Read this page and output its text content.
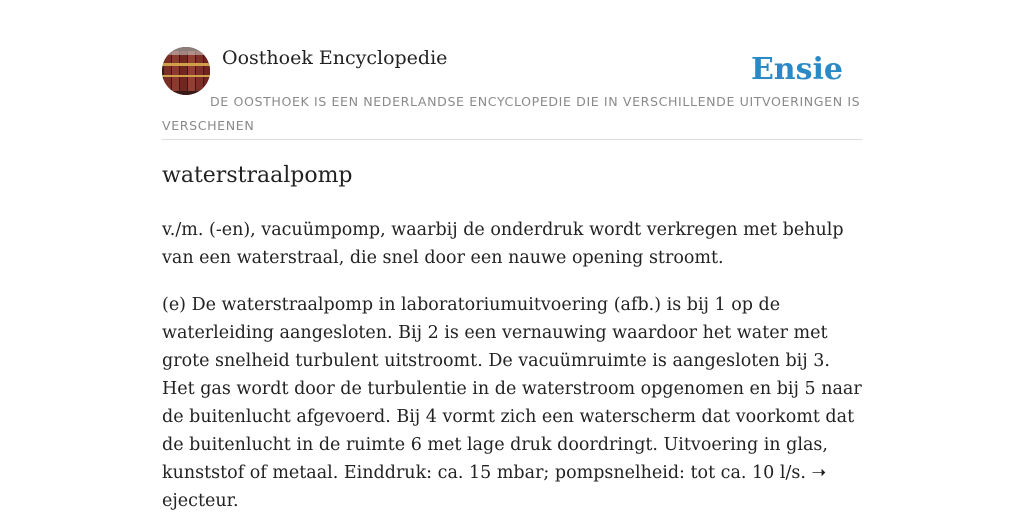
Oosthoek Encyclopedie	Ensie

DE OOSTHOEK IS EEN NEDERLANDSE ENCYCLOPEDIE DIE IN VERSCHILLENDE UITVOERINGEN IS VERSCHENEN

waterstraalpomp

v./m. (-en), vacuümpomp, waarbij de onderdruk wordt verkregen met behulp van een waterstraal, die snel door een nauwe opening stroomt.

(e) De waterstraalpomp in laboratoriumuitvoering (afb.) is bij 1 op de waterleiding aangesloten. Bij 2 is een vernauwing waardoor het water met grote snelheid turbulent uitstroomt. De vacuümruimte is aangesloten bij 3. Het gas wordt door de turbulentie in de waterstroom opgenomen en bij 5 naar de buitenlucht afgevoerd. Bij 4 vormt zich een waterscherm dat voorkomt dat de buitenlucht in de ruimte 6 met lage druk doordringt. Uitvoering in glas, kunststof of metaal. Einddruk: ca. 15 mbar; pompsnelheid: tot ca. 10 l/s. ➝ ejecteur.
